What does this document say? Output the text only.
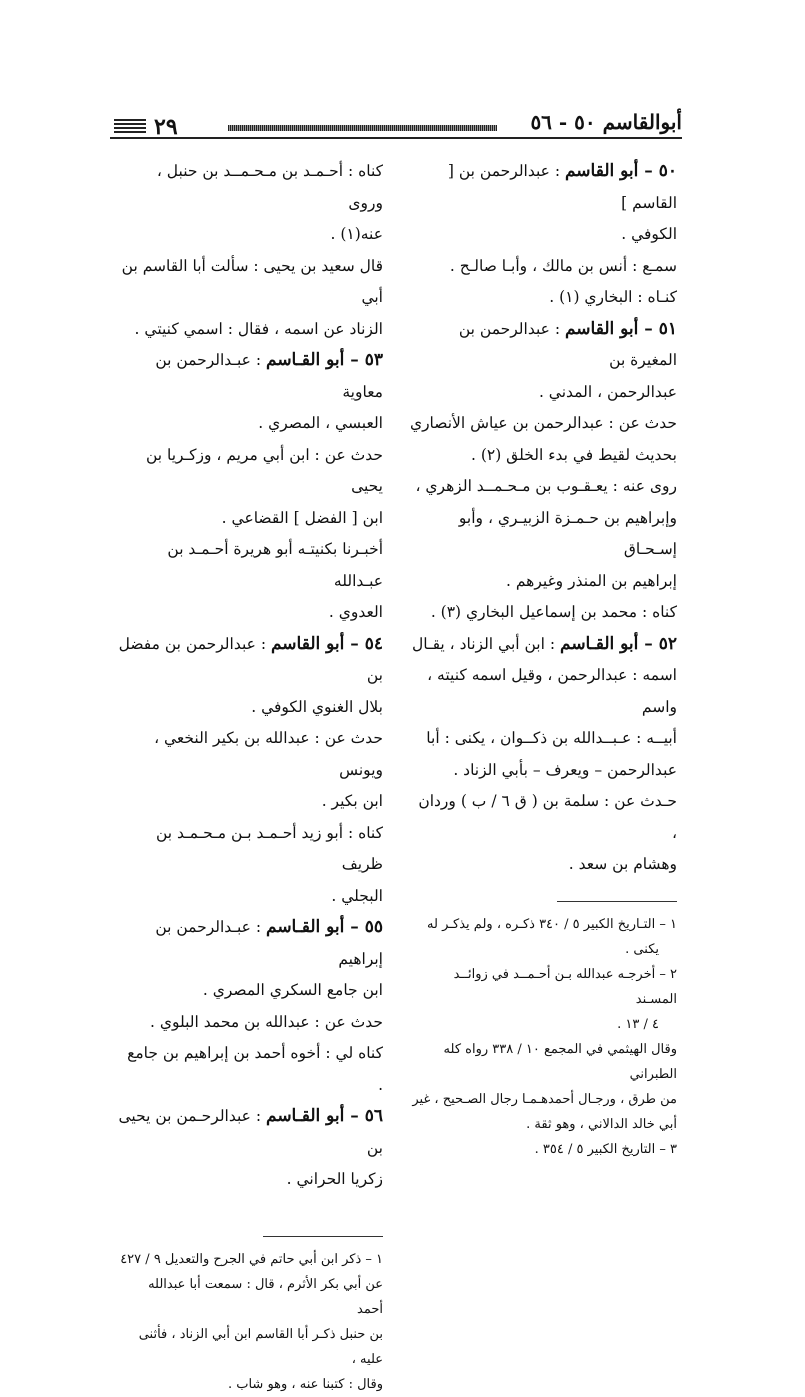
أبوالقاسم ٥٠ - ٥٦
٢٩

٥٠ – أبو القاسم : عبدالرحمن بن [ القاسم ]

الكوفي .

سمـع : أنس بن مالك ، وأبـا صالـح .

كنـاه : البخاري (١) .

٥١ – أبو القاسم : عبدالرحمن بن المغيرة بن

عبدالرحمن ، المدني .

حدث عن : عبدالرحمن بن عياش الأنصاري

بحديث لقيط في بدء الخلق (٢) .

روى عنه : يعـقـوب بن مـحـمــد الزهري ،

وإبراهيم بن حـمـزة الزبيـري ، وأبو إسـحـاق

إبراهيم بن المنذر وغيرهم .

كناه : محمد بن إسماعيل البخاري (٣) .

٥٢ – أبو القـاسم : ابن أبي الزناد ، يقـال

اسمه : عبدالرحمن ، وقيل اسمه كنيته ، واسم

أبيــه : عـبــدالله بن ذكــوان ، يكنى : أبا

عبدالرحمن – ويعرف – بأبي الزناد .

حـدث عن : سلمة بن ( ق ٦ / ب ) وردان ،

وهشام بن سعد .

١ – التـاريخ الكبير ٥ / ٣٤٠ ذكـره ، ولم يذكـر له

يكنى .

٢ – أخرجـه عبدالله بـن أحـمــد في زوائــد المسـند

٤ / ١٣ .

وقال الهيثمي في المجمع ١٠ / ٣٣٨ رواه كله الطبراني

من طرق ، ورجـال أحمدهـمـا رجال الصـحيح ، غير

أبي خالد الدالاني ، وهو ثقة .

٣ – التاريخ الكبير ٥ / ٣٥٤ .

كناه : أحـمـد بن مـحـمــد بن حنبل ، وروى

عنه(١) .

قال سعيد بن يحيى : سألت أبا القاسم بن أبي

الزناد عن اسمه ، فقال : اسمي كنيتي .

٥٣ – أبو القـاسم : عبـدالرحمن بن معاوية

العبسي ، المصري .

حدث عن : ابن أبي مريم ، وزكـريا بن يحيى

ابن [ الفضل ] القضاعي .

أخبـرنا بكنيتـه أبو هريرة أحـمـد بن عبـدالله

العدوي .

٥٤ – أبو القاسم : عبدالرحمن بن مفضل بن

بلال الغنوي الكوفي .

حدث عن : عبدالله بن بكير النخعي ، ويونس

ابن بكير .

كناه : أبو زيد أحـمـد بـن مـحـمـد بن ظريف

البجلي .

٥٥ – أبو القـاسم : عبـدالرحمن بن إبراهيم

ابن جامع السكري المصري .

حدث عن : عبدالله بن محمد البلوي .

كناه لي : أخوه أحمد بن إبراهيم بن جامع .

٥٦ – أبو القـاسم : عبدالرحـمن بن يحيى بن

زكريا الحراني .

١ – ذكر ابن أبي حاتم في الجرح والتعديل ٩ / ٤٢٧

عن أبي بكر الأثرم ، قال : سمعت أبا عبدالله أحمد

بن حنبل ذكـر أبا القاسم ابن أبي الزناد ، فأثنى عليه ،

وقال : كتبنا عنه ، وهو شاب .
